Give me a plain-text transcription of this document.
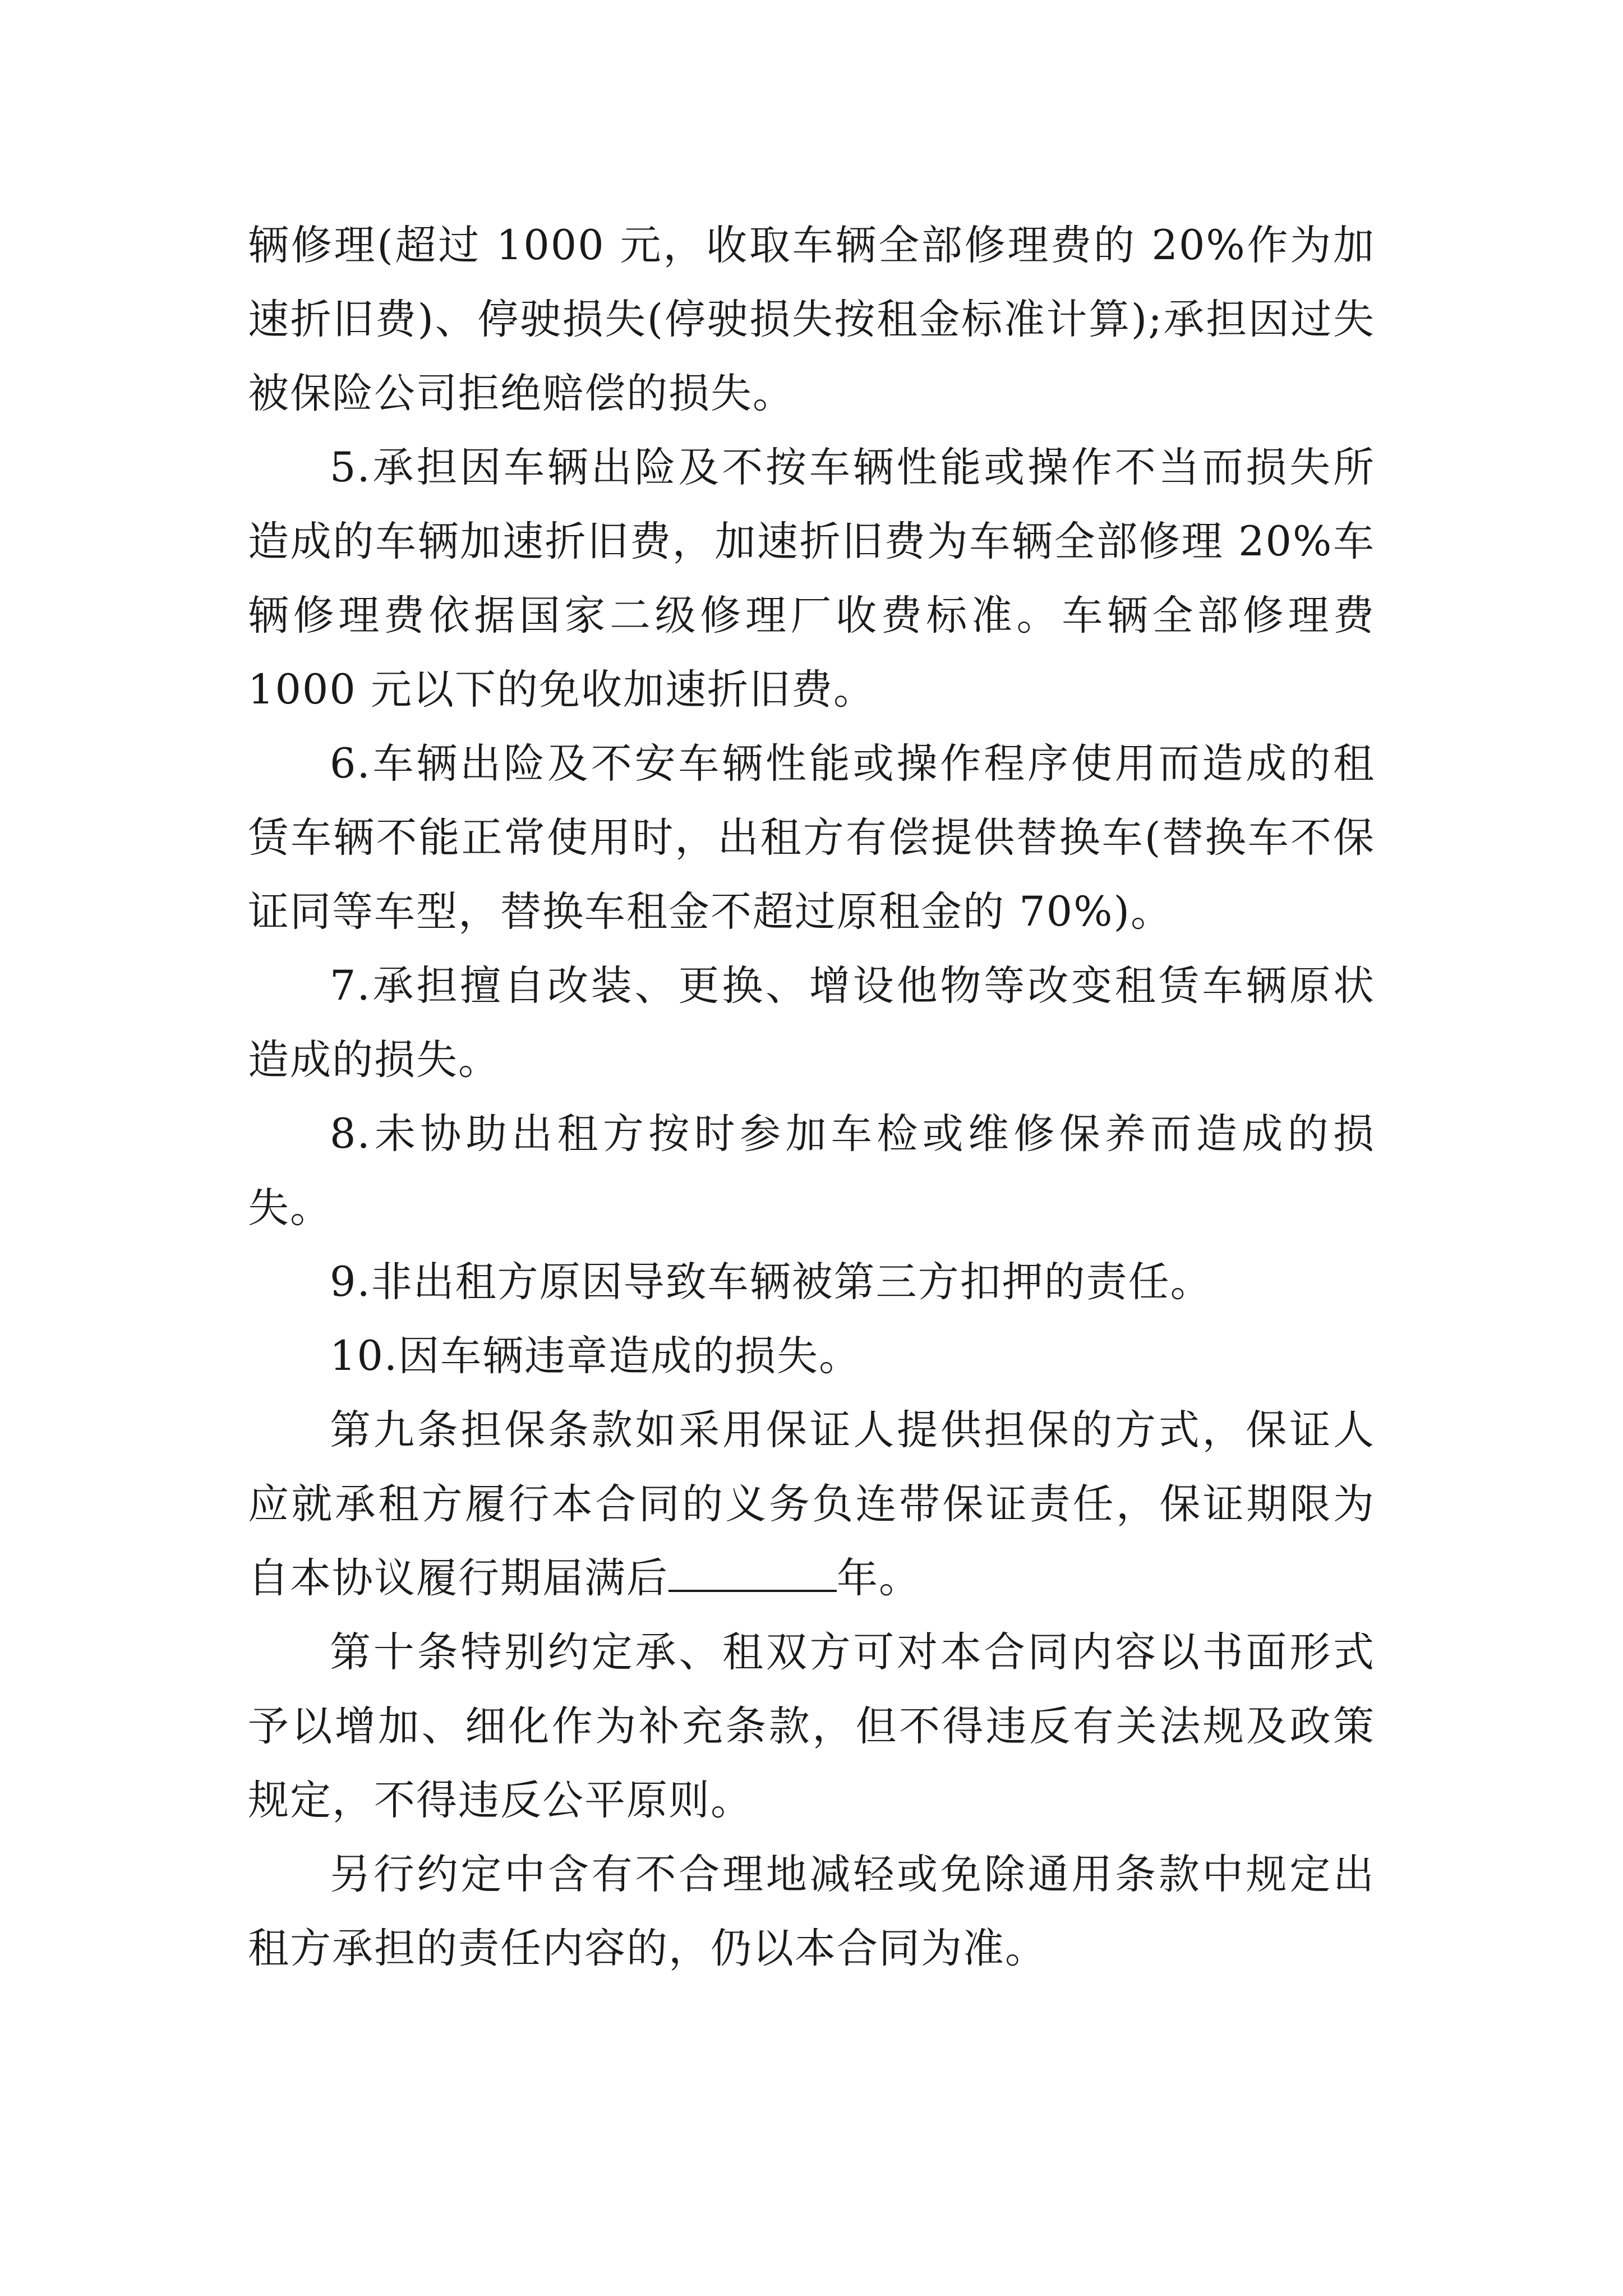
辆修理(超过 1000 元，收取车辆全部修理费的 20%作为加速折旧费)、停驶损失(停驶损失按租金标准计算);承担因过失被保险公司拒绝赔偿的损失。

5.承担因车辆出险及不按车辆性能或操作不当而损失所造成的车辆加速折旧费，加速折旧费为车辆全部修理 20%车辆修理费依据国家二级修理厂收费标准。车辆全部修理费1000 元以下的免收加速折旧费。

6.车辆出险及不安车辆性能或操作程序使用而造成的租赁车辆不能正常使用时，出租方有偿提供替换车(替换车不保证同等车型，替换车租金不超过原租金的 70%)。

7.承担擅自改装、更换、增设他物等改变租赁车辆原状造成的损失。

8.未协助出租方按时参加车检或维修保养而造成的损失。

9.非出租方原因导致车辆被第三方扣押的责任。

10.因车辆违章造成的损失。

第九条担保条款如采用保证人提供担保的方式，保证人应就承租方履行本合同的义务负连带保证责任，保证期限为自本协议履行期届满后	年。

第十条特别约定承、租双方可对本合同内容以书面形式予以增加、细化作为补充条款，但不得违反有关法规及政策规定，不得违反公平原则。

另行约定中含有不合理地减轻或免除通用条款中规定出租方承担的责任内容的，仍以本合同为准。
